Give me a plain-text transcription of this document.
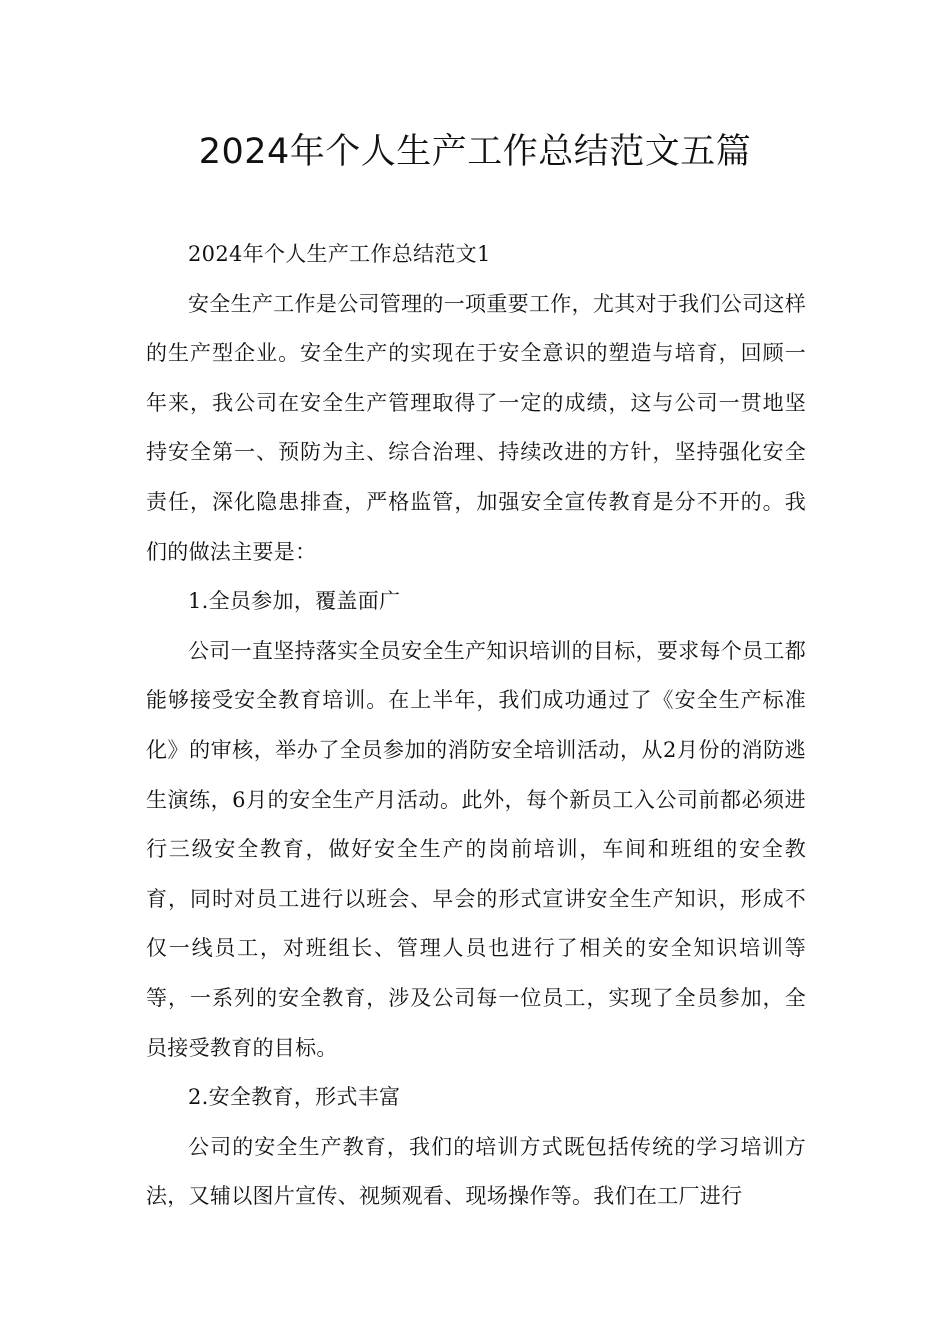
2024年个人生产工作总结范文五篇

2024年个人生产工作总结范文1

安全生产工作是公司管理的一项重要工作，尤其对于我们公司这样的生产型企业。安全生产的实现在于安全意识的塑造与培育，回顾一年来，我公司在安全生产管理取得了一定的成绩，这与公司一贯地坚持安全第一、预防为主、综合治理、持续改进的方针，坚持强化安全责任，深化隐患排查，严格监管，加强安全宣传教育是分不开的。我们的做法主要是：

1.全员参加，覆盖面广

公司一直坚持落实全员安全生产知识培训的目标，要求每个员工都能够接受安全教育培训。在上半年，我们成功通过了《安全生产标准化》的审核，举办了全员参加的消防安全培训活动，从2月份的消防逃生演练，6月的安全生产月活动。此外，每个新员工入公司前都必须进行三级安全教育，做好安全生产的岗前培训，车间和班组的安全教育，同时对员工进行以班会、早会的形式宣讲安全生产知识，形成不仅一线员工，对班组长、管理人员也进行了相关的安全知识培训等等，一系列的安全教育，涉及公司每一位员工，实现了全员参加，全员接受教育的目标。

2.安全教育，形式丰富

公司的安全生产教育，我们的培训方式既包括传统的学习培训方法，又辅以图片宣传、视频观看、现场操作等。我们在工厂进行
